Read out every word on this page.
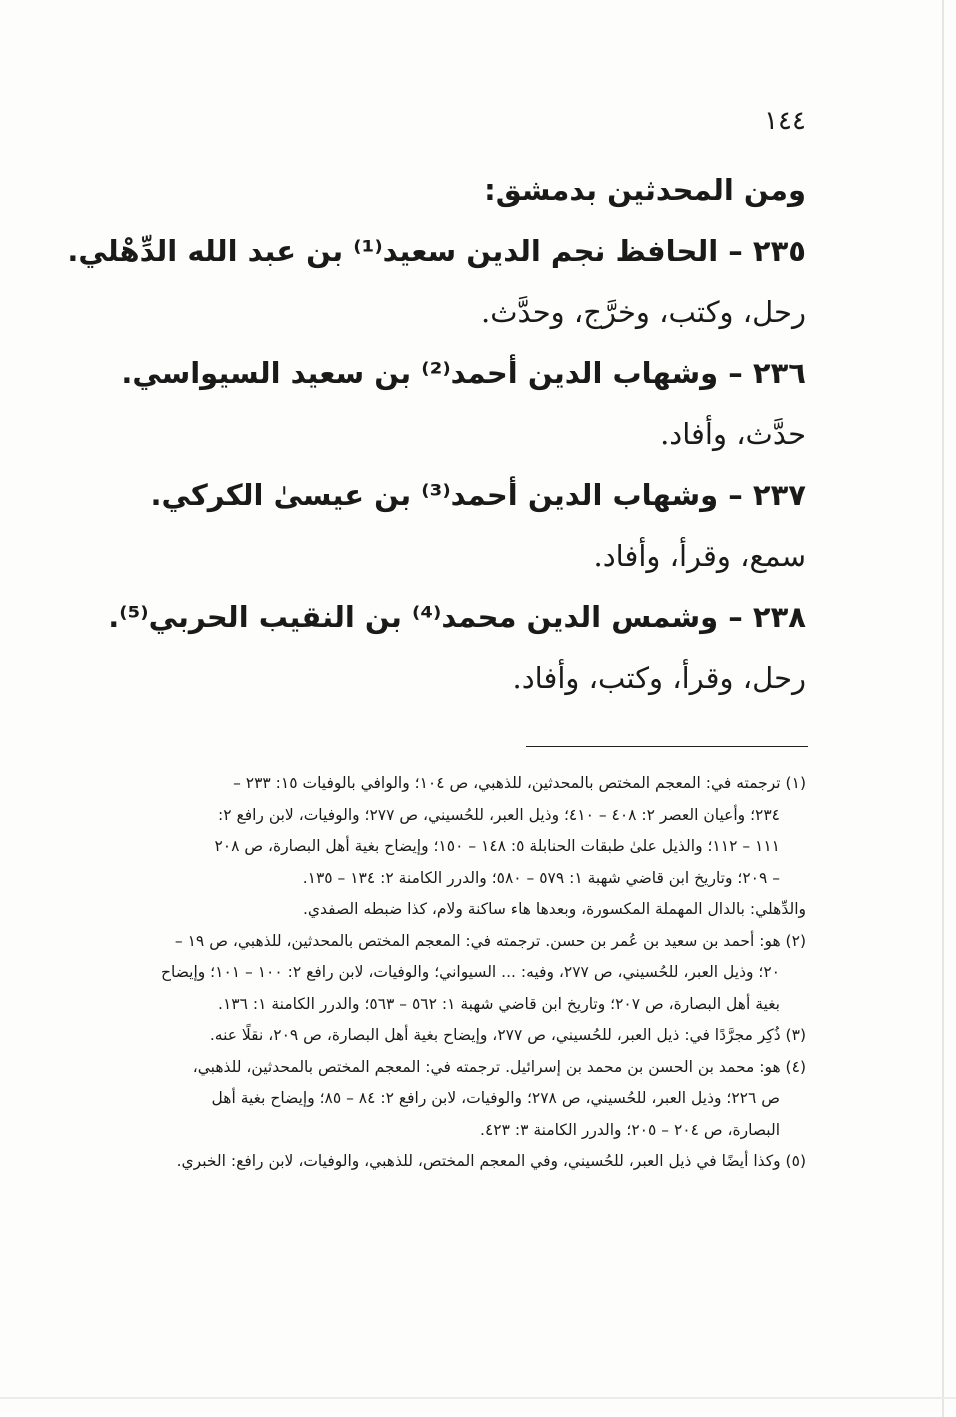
١٤٤
ومن المحدثين بدمشق:
٢٣٥ – الحافظ نجم الدين سعيد⁽¹⁾ بن عبد الله الدِّهْلي.
رحل، وكتب، وخرَّج، وحدَّث.
٢٣٦ – وشهاب الدين أحمد⁽²⁾ بن سعيد السيواسي.
حدَّث، وأفاد.
٢٣٧ – وشهاب الدين أحمد⁽³⁾ بن عيسىٰ الكركي.
سمع، وقرأ، وأفاد.
٢٣٨ – وشمس الدين محمد⁽⁴⁾ بن النقيب الحربي⁽⁵⁾.
رحل، وقرأ، وكتب، وأفاد.
(١) ترجمته في: المعجم المختص بالمحدثين، للذهبي، ص ١٠٤؛ والوافي بالوفيات ١٥: ٢٣٣ –
٢٣٤؛ وأعيان العصر ٢: ٤٠٨ – ٤١٠؛ وذيل العبر، للحُسيني، ص ٢٧٧؛ والوفيات، لابن رافع ٢:
١١١ – ١١٢؛ والذيل علىٰ طبقات الحنابلة ٥: ١٤٨ – ١٥٠؛ وإيضاح بغية أهل البصارة، ص ٢٠٨
– ٢٠٩؛ وتاريخ ابن قاضي شهبة ١: ٥٧٩ – ٥٨٠؛ والدرر الكامنة ٢: ١٣٤ – ١٣٥.
والدِّهلي: بالدال المهملة المكسورة، وبعدها هاء ساكنة ولام، كذا ضبطه الصفدي.
(٢) هو: أحمد بن سعيد بن عُمر بن حسن. ترجمته في: المعجم المختص بالمحدثين، للذهبي، ص ١٩ –
٢٠؛ وذيل العبر، للحُسيني، ص ٢٧٧، وفيه: ... السيواني؛ والوفيات، لابن رافع ٢: ١٠٠ – ١٠١؛ وإيضاح
بغية أهل البصارة، ص ٢٠٧؛ وتاريخ ابن قاضي شهبة ١: ٥٦٢ – ٥٦٣؛ والدرر الكامنة ١: ١٣٦.
(٣) ذُكِر مجرَّدًا في: ذيل العبر، للحُسيني، ص ٢٧٧، وإيضاح بغية أهل البصارة، ص ٢٠٩، نقلًا عنه.
(٤) هو: محمد بن الحسن بن محمد بن إسرائيل. ترجمته في: المعجم المختص بالمحدثين، للذهبي،
ص ٢٢٦؛ وذيل العبر، للحُسيني، ص ٢٧٨؛ والوفيات، لابن رافع ٢: ٨٤ – ٨٥؛ وإيضاح بغية أهل
البصارة، ص ٢٠٤ – ٢٠٥؛ والدرر الكامنة ٣: ٤٢٣.
(٥) وكذا أيضًا في ذيل العبر، للحُسيني، وفي المعجم المختص، للذهبي، والوفيات، لابن رافع: الخبري.
